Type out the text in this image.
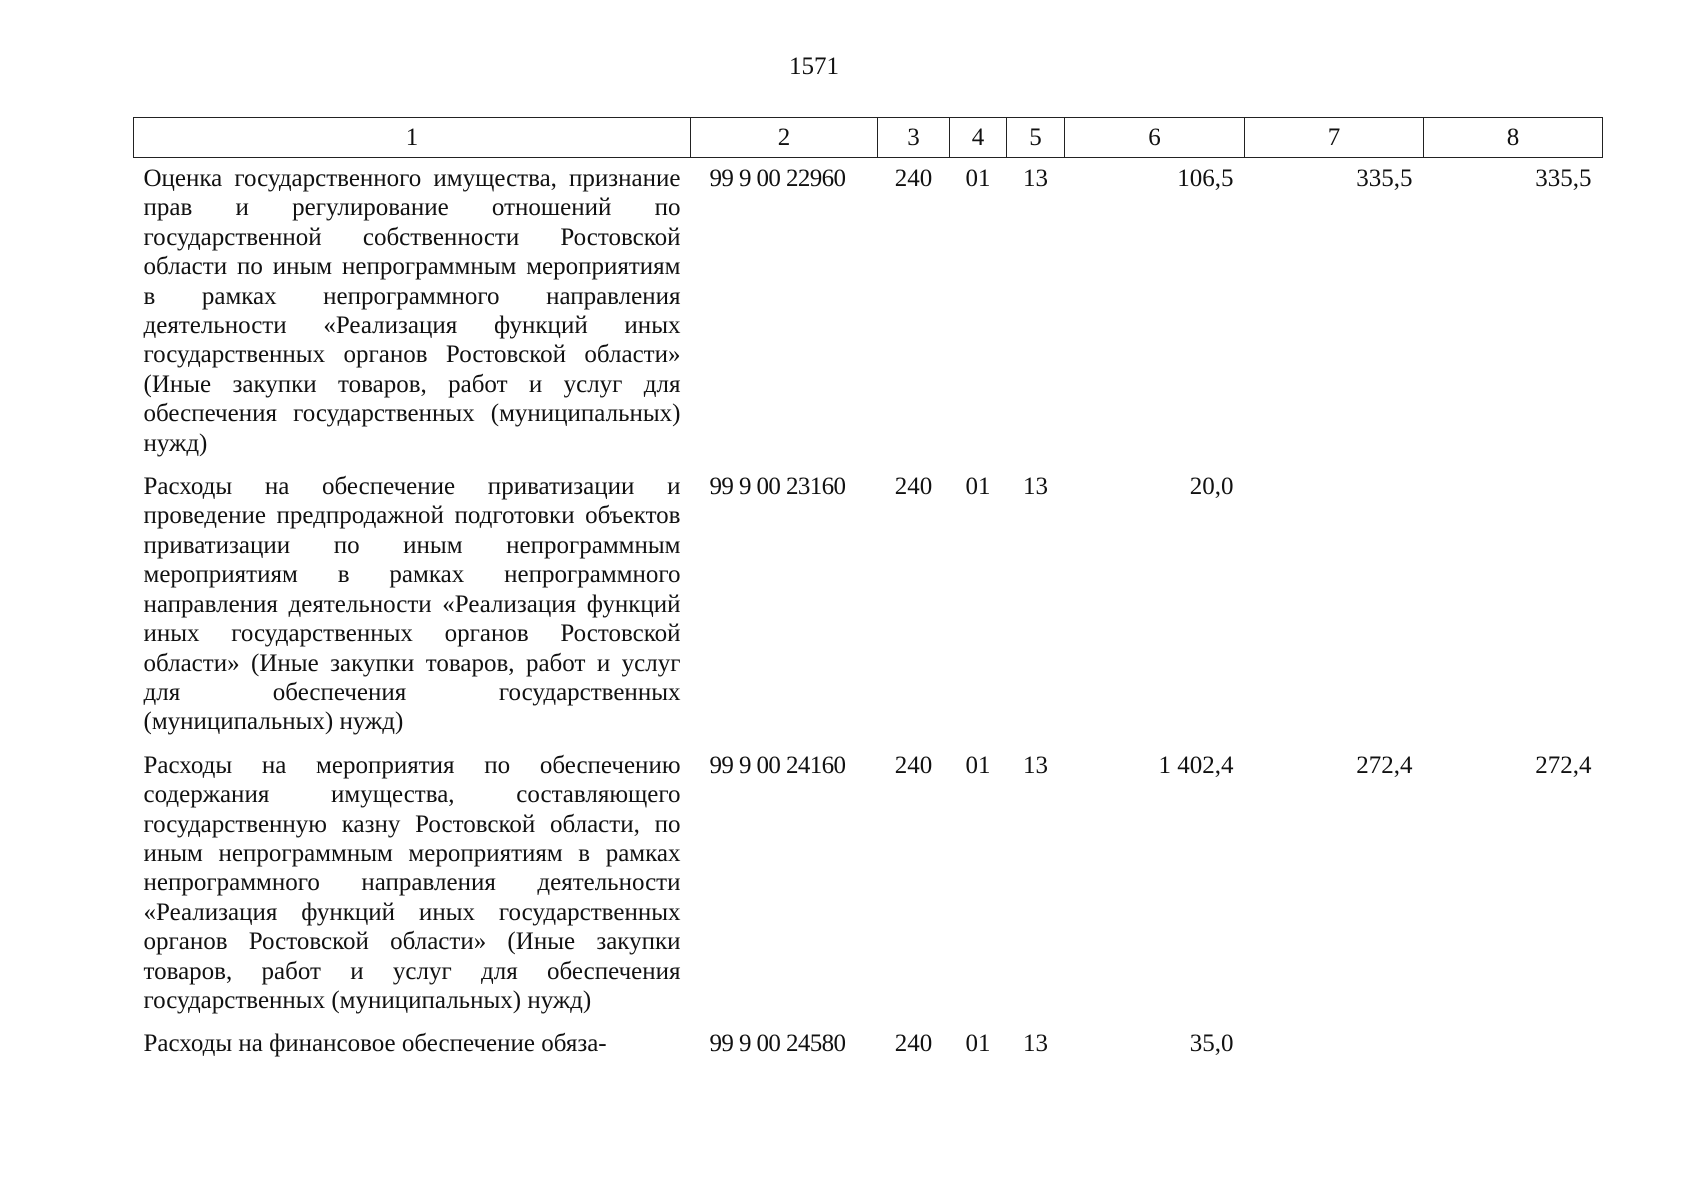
1571
1	2	3	4	5	6	7	8
Оценка государственного имущества, признание прав и регулирование отношений по государственной собственности Ростовской области по иным непрограммным мероприятиям в рамках непрограммного направления деятельности «Реализация функций иных государственных органов Ростовской области» (Иные закупки товаров, работ и услуг для обеспечения государственных (муниципальных) нужд)	99 9 00 22960	240	01	13	106,5	335,5	335,5
Расходы на обеспечение приватизации и проведение предпродажной подготовки объектов приватизации по иным непрограммным мероприятиям в рамках непрограммного направления деятельности «Реализация функций иных государственных органов Ростовской области» (Иные закупки товаров, работ и услуг для обеспечения государственных (муниципальных) нужд)	99 9 00 23160	240	01	13	20,0		
Расходы на мероприятия по обеспечению содержания имущества, составляющего государственную казну Ростовской области, по иным непрограммным мероприятиям в рамках непрограммного направления деятельности «Реализация функций иных государственных органов Ростовской области» (Иные закупки товаров, работ и услуг для обеспечения государственных (муниципальных) нужд)	99 9 00 24160	240	01	13	1 402,4	272,4	272,4
Расходы на финансовое обеспечение обяза-	99 9 00 24580	240	01	13	35,0		
